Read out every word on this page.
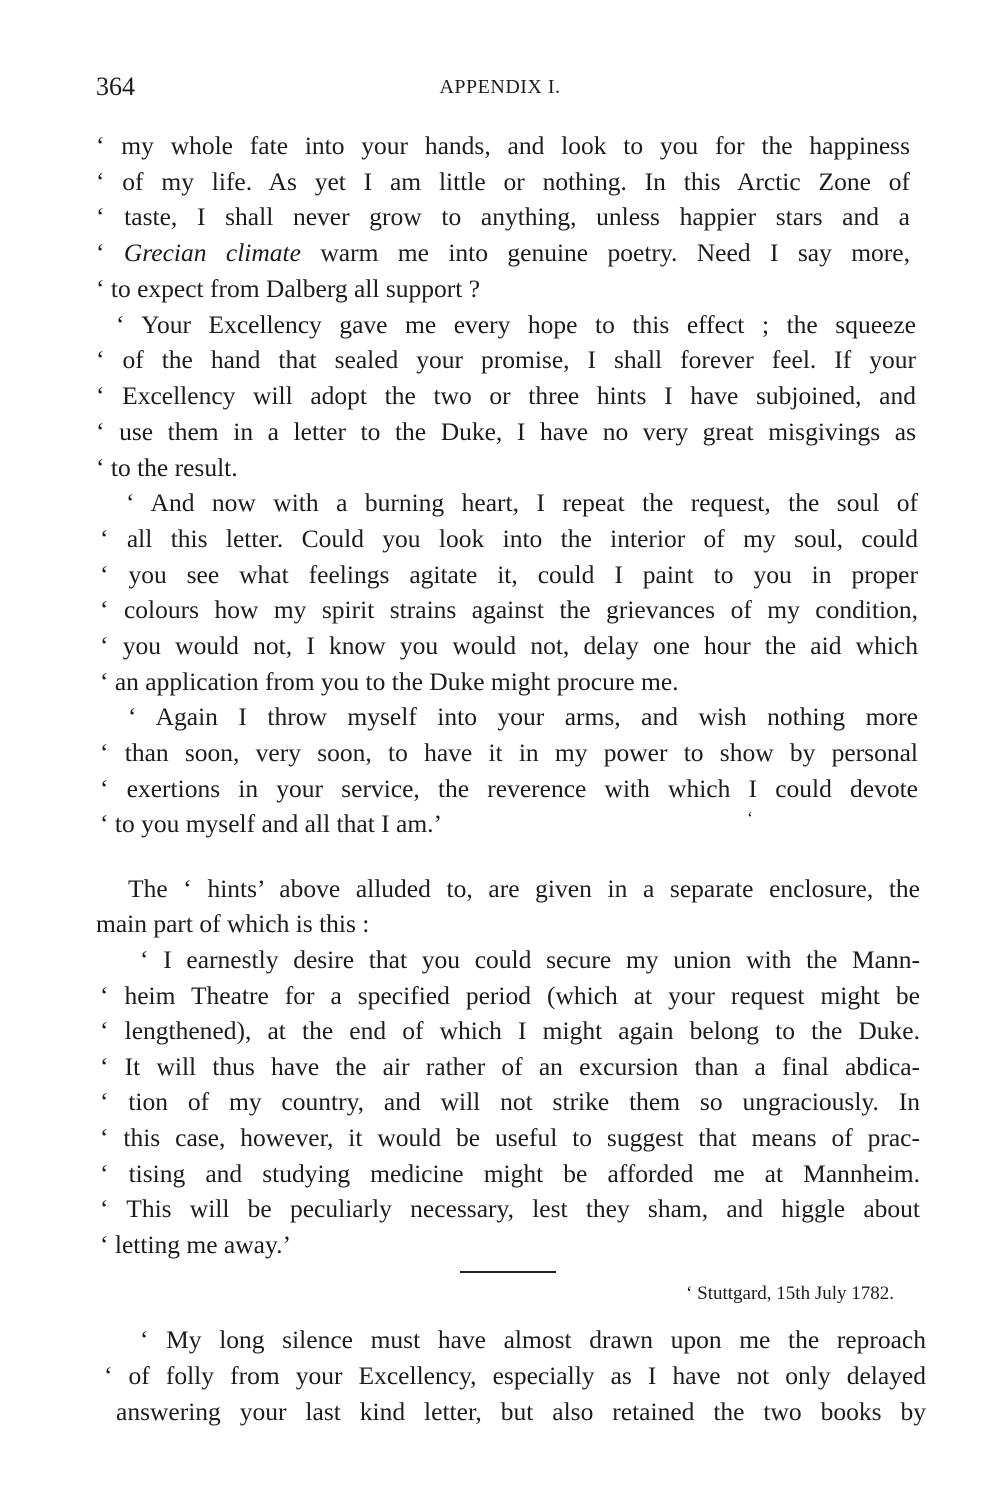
364	APPENDIX I.
‘ my whole fate into your hands, and look to you for the happiness
‘ of my life. As yet I am little or nothing. In this Arctic Zone of
‘ taste, I shall never grow to anything, unless happier stars and a
‘ Grecian climate warm me into genuine poetry. Need I say more,
‘ to expect from Dalberg all support ?
‘ Your Excellency gave me every hope to this effect ; the squeeze
‘ of the hand that sealed your promise, I shall forever feel. If your
‘ Excellency will adopt the two or three hints I have subjoined, and
‘ use them in a letter to the Duke, I have no very great misgivings as
‘ to the result.
‘ And now with a burning heart, I repeat the request, the soul of
‘ all this letter. Could you look into the interior of my soul, could
‘ you see what feelings agitate it, could I paint to you in proper
‘ colours how my spirit strains against the grievances of my condition,
‘ you would not, I know you would not, delay one hour the aid which
‘ an application from you to the Duke might procure me.
‘ Again I throw myself into your arms, and wish nothing more
‘ than soon, very soon, to have it in my power to show by personal
‘ exertions in your service, the reverence with which I could devote
‘ to you myself and all that I am.’	‘
The ‘ hints’ above alluded to, are given in a separate enclosure, the
main part of which is this :
‘ I earnestly desire that you could secure my union with the Mann-
‘ heim Theatre for a specified period (which at your request might be
‘ lengthened), at the end of which I might again belong to the Duke.
‘ It will thus have the air rather of an excursion than a final abdica-
‘ tion of my country, and will not strike them so ungraciously. In
‘ this case, however, it would be useful to suggest that means of prac-
‘ tising and studying medicine might be afforded me at Mannheim.
‘ This will be peculiarly necessary, lest they sham, and higgle about
‘ letting me away.’
‘ Stuttgard, 15th July 1782.
‘ My long silence must have almost drawn upon me the reproach
‘ of folly from your Excellency, especially as I have not only delayed
answering your last kind letter, but also retained the two books by
